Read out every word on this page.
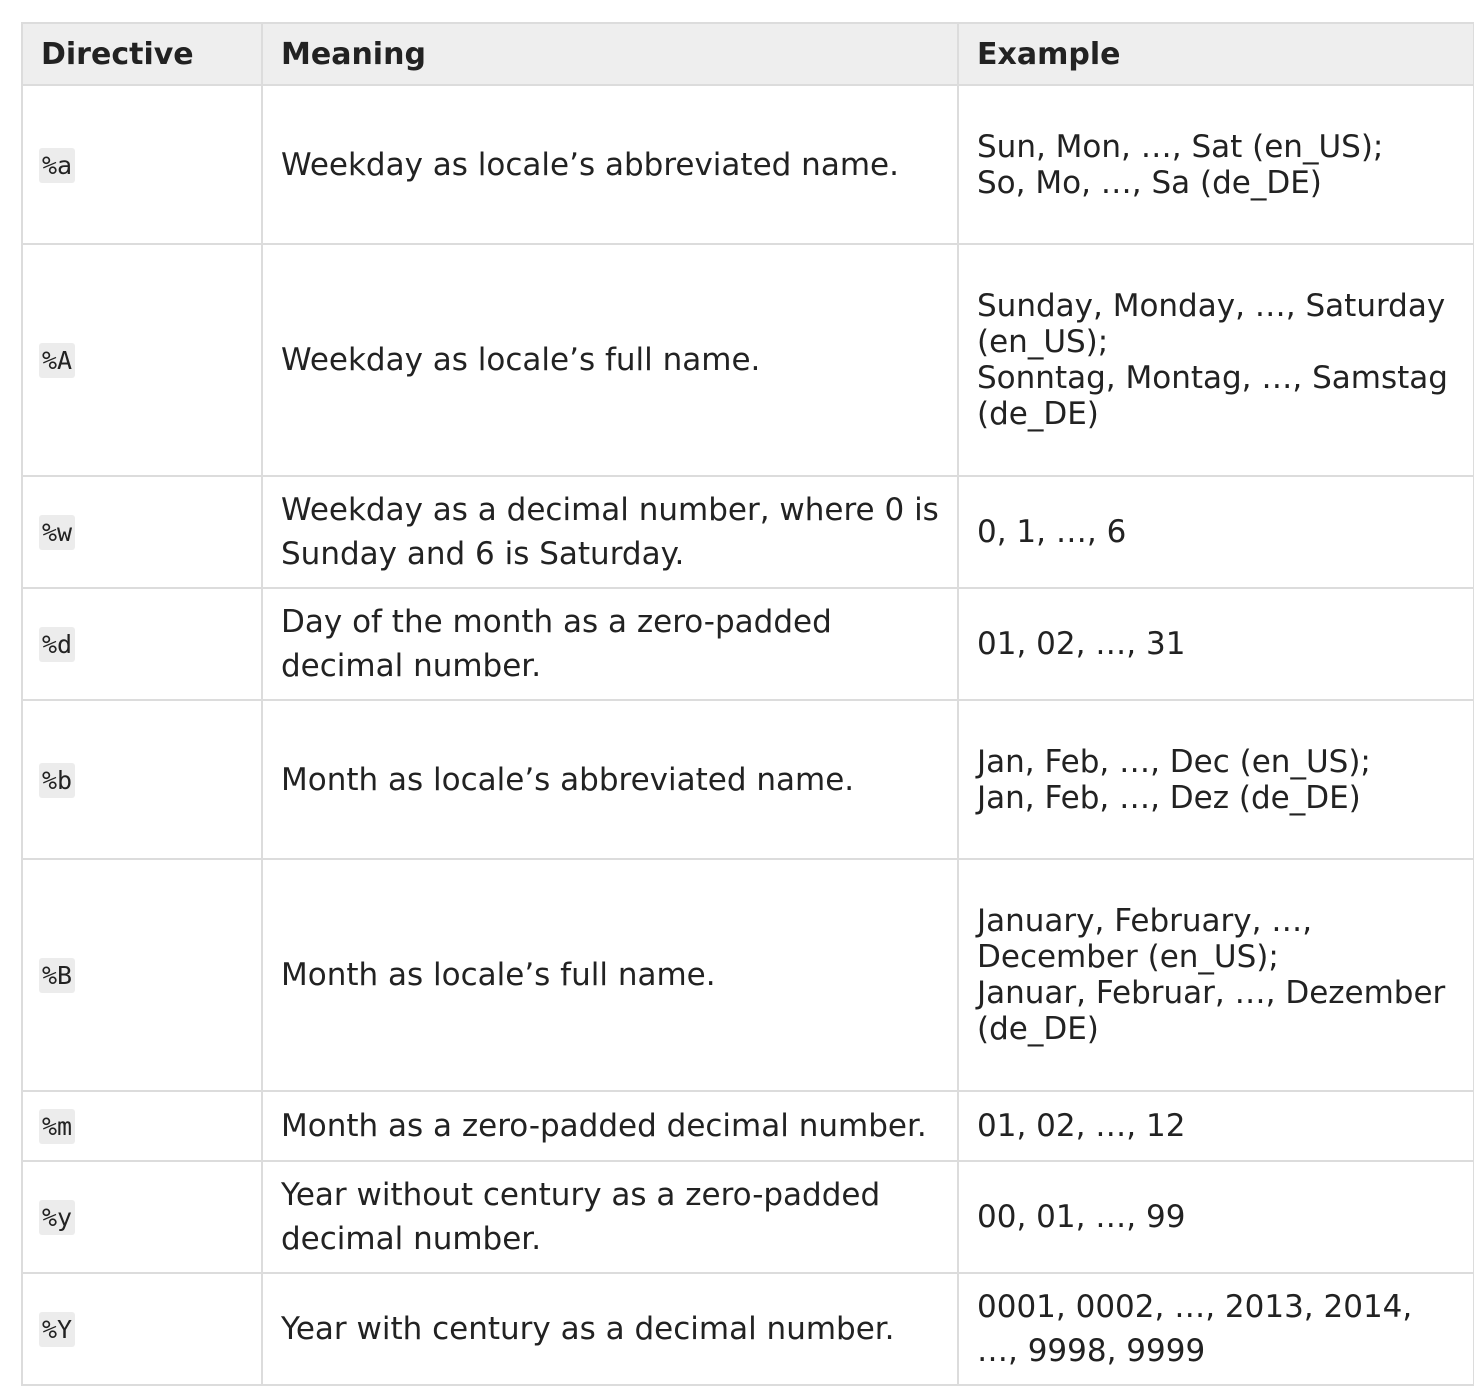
Directive	Meaning	Example
%a	Weekday as locale’s abbreviated name.	Sun, Mon, …, Sat (en_US);
So, Mo, …, Sa (de_DE)
%A	Weekday as locale’s full name.	Sunday, Monday, …, Saturday
(en_US);
Sonntag, Montag, …, Samstag
(de_DE)
%w	Weekday as a decimal number, where 0 is
Sunday and 6 is Saturday.	0, 1, …, 6
%d	Day of the month as a zero-padded
decimal number.	01, 02, …, 31
%b	Month as locale’s abbreviated name.	Jan, Feb, …, Dec (en_US);
Jan, Feb, …, Dez (de_DE)
%B	Month as locale’s full name.	January, February, …,
December (en_US);
Januar, Februar, …, Dezember
(de_DE)
%m	Month as a zero-padded decimal number.	01, 02, …, 12
%y	Year without century as a zero-padded
decimal number.	00, 01, …, 99
%Y	Year with century as a decimal number.	0001, 0002, …, 2013, 2014,
…, 9998, 9999
